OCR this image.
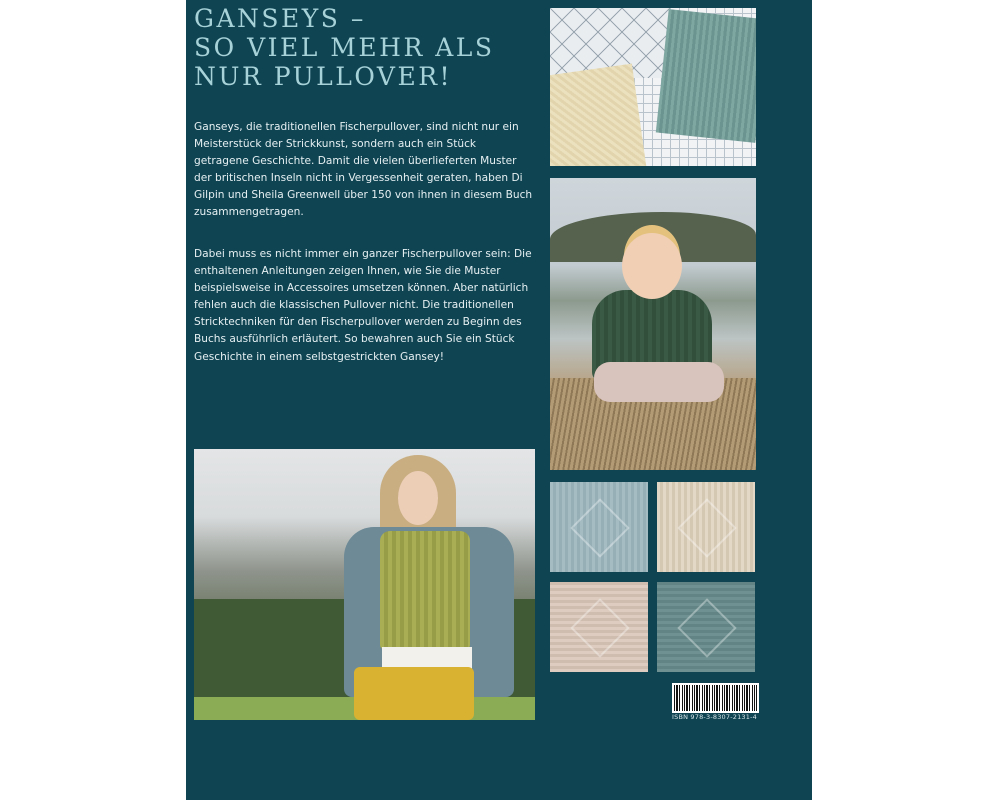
GANSEYS –
SO VIEL MEHR ALS
NUR PULLOVER!

Ganseys, die traditionellen Fischerpullover, sind nicht nur ein Meisterstück der Strickkunst, sondern auch ein Stück getragene Geschichte. Damit die vielen überlieferten Muster der britischen Inseln nicht in Vergessenheit geraten, haben Di Gilpin und Sheila Greenwell über 150 von ihnen in diesem Buch zusammengetragen.

Dabei muss es nicht immer ein ganzer Fischerpullover sein: Die enthaltenen Anleitungen zeigen Ihnen, wie Sie die Muster beispielsweise in Accessoires umsetzen können. Aber natürlich fehlen auch die klassischen Pullover nicht. Die traditionellen Stricktechniken für den Fischerpullover werden zu Beginn des Buchs ausführlich erläutert. So bewahren auch Sie ein Stück Geschichte in einem selbstgestrickten Gansey!

ISBN 978-3-8307-2131-4
